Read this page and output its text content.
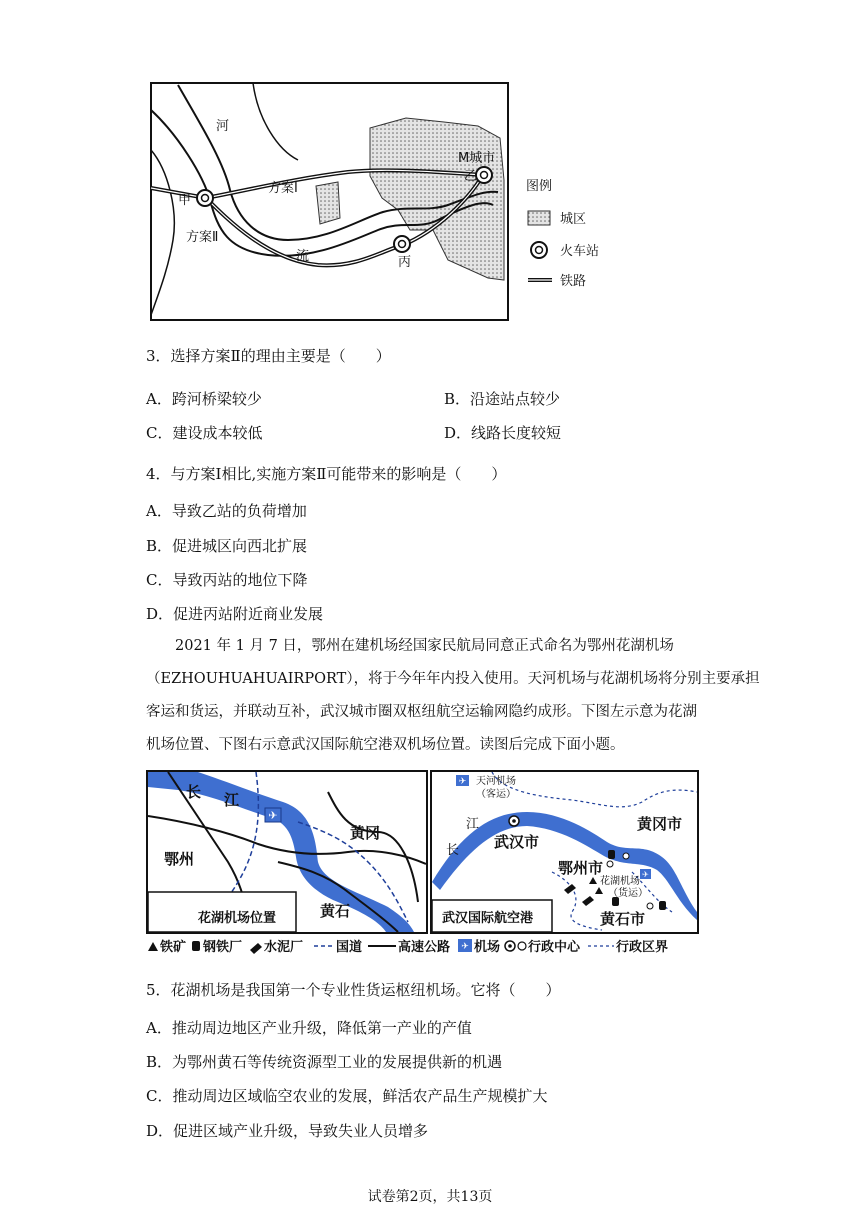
河
流
方案Ⅰ
方案Ⅱ
甲
乙
丙
M城市
图例
城区
火车站
铁路
3．选择方案Ⅱ的理由主要是（　　）
A．跨河桥梁较少	B．沿途站点较少
C．建设成本较低	D．线路长度较短
4．与方案Ⅰ相比,实施方案Ⅱ可能带来的影响是（　　）
A．导致乙站的负荷增加
B．促进城区向西北扩展
C．导致丙站的地位下降
D．促进丙站附近商业发展
2021 年 1 月 7 日，鄂州在建机场经国家民航局同意正式命名为鄂州花湖机场
（EZHOUHUAHUAIRPORT），将于今年年内投入使用。天河机场与花湖机场将分别主要承担
客运和货运，并联动互补，武汉城市圈双枢纽航空运输网隐约成形。下图左示意为花湖
机场位置、下图右示意武汉国际航空港双机场位置。读图后完成下面小题。
✈
长 江
鄂州
黄冈
黄石
花湖机场位置
✈
✈
天河机场
（客运）
江
长 武汉市
黄冈市
鄂州市
花湖机场
（货运）
黄石市
武汉国际航空港
铁矿 钢铁厂 水泥厂	国道	高速公路 ✈ 机场 行政中心	行政区界
5．花湖机场是我国第一个专业性货运枢纽机场。它将（　　）
A．推动周边地区产业升级，降低第一产业的产值
B．为鄂州黄石等传统资源型工业的发展提供新的机遇
C．推动周边区域临空农业的发展，鲜活农产品生产规模扩大
D．促进区域产业升级，导致失业人员增多
试卷第2页，共13页
